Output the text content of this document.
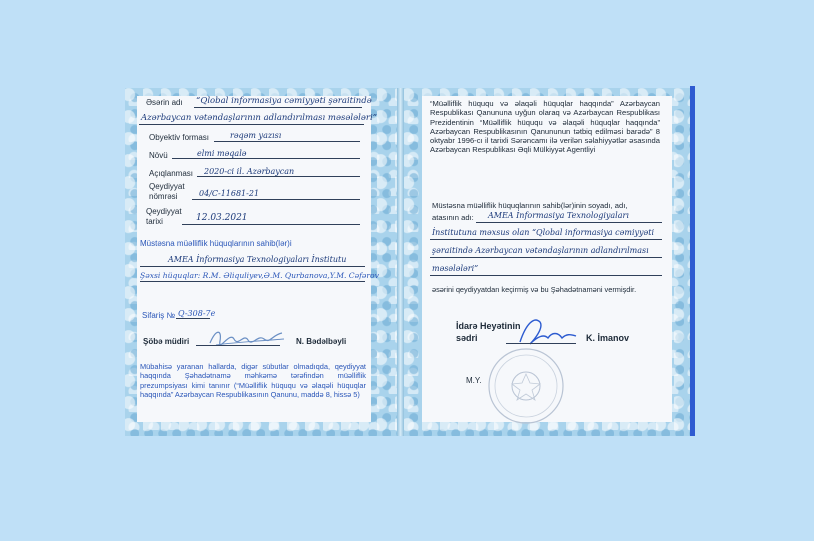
Əsərin adı “Qlobal informasiya cəmiyyəti şəraitində
Azərbaycan vətəndaşlarının adlandırılması məsələləri”
Obyektiv forması	rəqəm yazısı
Növü	elmi məqalə
Açıqlanması 2020-ci il. Azərbaycan
Qeydiyyat nömrəsi	04/C-11681-21
Qeydiyyat tarixi	12.03.2021
Müstəsna müəlliflik hüquqlarının sahib(lər)i
AMEA İnformasiya Texnologiyaları İnstitutu
Şəxsi hüquqlar: R.M. Əliquliyev,Ə.M. Qurbanova,Y.M. Cəfərov
Sifariş № Q-308-7e
Şöbə müdiri	N. Bədəlbəyli
Mübahisə yaranan hallarda, digər sübutlar olmadıqda, qeydiyyat haqqında Şəhadətnamə məhkəmə tərəfindən müəlliflik prezumpsiyası kimi tanınır (“Müəlliflik hüququ və əlaqəli hüquqlar haqqında” Azərbaycan Respublikasının Qanunu, maddə 8, hissə 5)
“Müəlliflik hüququ və əlaqəli hüquqlar haqqında” Azərbaycan Respublikası Qanununa uyğun olaraq və Azərbaycan Respublikası Prezidentinin “Müəlliflik hüququ və əlaqəli hüquqlar haqqında” Azərbaycan Respublikasının Qanununun tətbiq edilməsi barədə” 8 oktyabr 1996-cı il tarixli Sərəncamı ilə verilən səlahiyyətlər əsasında Azərbaycan Respublikası Əqli Mülkiyyət Agentliyi
Müstəsna müəlliflik hüquqlarının sahib(lər)inin soyadı, adı,
atasının adı: AMEA İnformasiya Texnologiyaları
İnstitutuna məxsus olan “Qlobal informasiya cəmiyyəti
şəraitində Azərbaycan vətəndaşlarının adlandırılması
məsələləri”
əsərini qeydiyyatdan keçirmiş və bu Şəhadətnaməni vermişdir.
İdarə Heyətinin
sədri	K. İmanov
M.Y.
